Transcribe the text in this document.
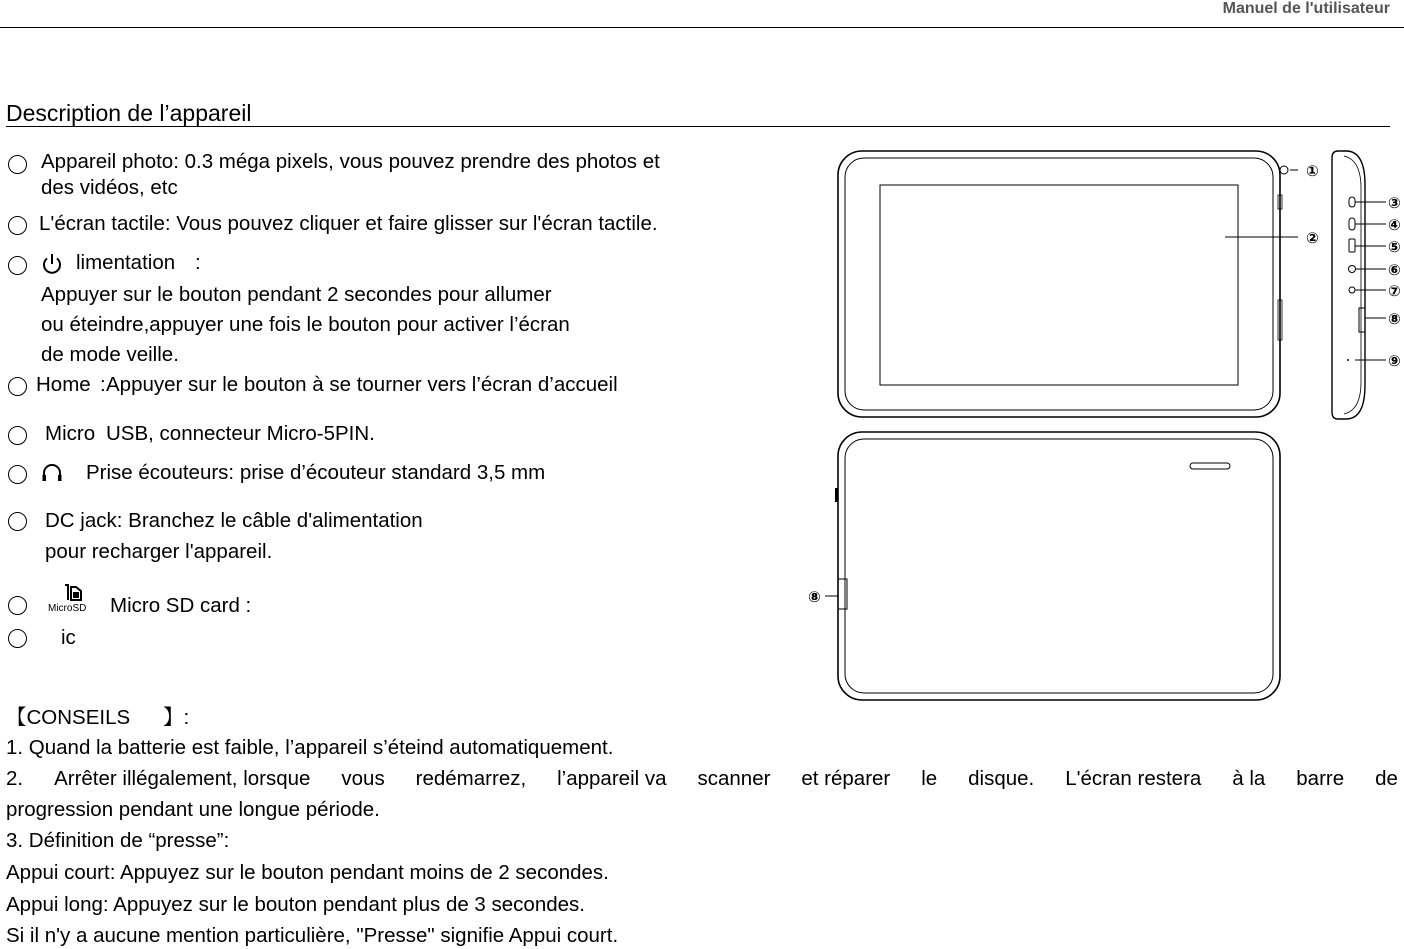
Manuel de l'utilisateur
Description de l’appareil
Appareil photo: 0.3 méga pixels, vous pouvez prendre des photos et
des vidéos, etc
L'écran tactile: Vous pouvez cliquer et faire glisser sur l'écran tactile.
limentation :
Appuyer sur le bouton pendant 2 secondes pour allumer
ou éteindre,appuyer une fois le bouton pour activer l’écran
de mode veille.
Home : Appuyer sur le bouton à se tourner vers l’écran d’accueil
Micro USB, connecteur Micro-5PIN.
Prise écouteurs: prise d’écouteur standard 3,5 mm
DC jack: Branchez le câble d'alimentation
pour recharger l'appareil.
MicroSD Micro SD card :
ic
【CONSEILS 】:
1. Quand la batterie est faible, l’appareil s’éteind automatiquement.
2. Arrêter illégalement, lorsque vous redémarrez, l’appareil va scanner et réparer le disque. L'écran restera à la barre de
progression pendant une longue période.
3. Définition de “presse”:
Appui court: Appuyez sur le bouton pendant moins de 2 secondes.
Appui long: Appuyez sur le bouton pendant plus de 3 secondes.
Si il n'y a aucune mention particulière, "Presse" signifie Appui court.
①
②
③
④
⑤
⑥
⑦
⑧
⑨
⑧
